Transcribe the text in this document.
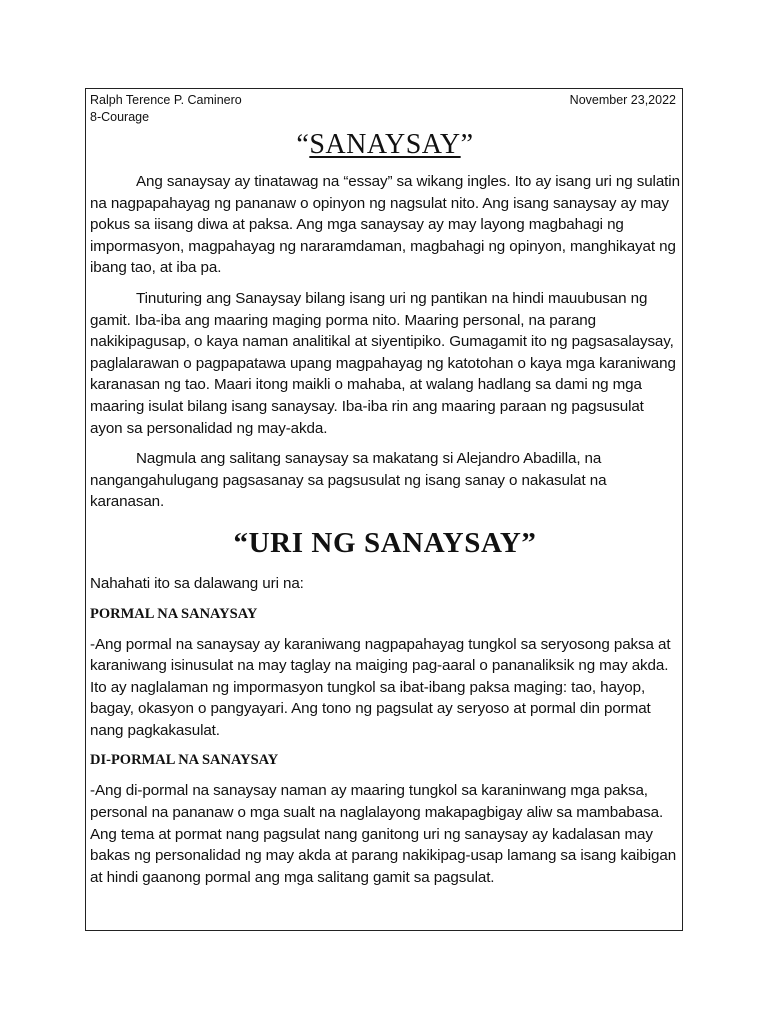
Ralph Terence P. Caminero	November 23,2022
8-Courage
“SANAYSAY”

Ang sanaysay ay tinatawag na “essay” sa wikang ingles. Ito ay isang uri ng sulatin na nagpapahayag ng pananaw o opinyon ng nagsulat nito. Ang isang sanaysay ay may pokus sa iisang diwa at paksa. Ang mga sanaysay ay may layong magbahagi ng impormasyon, magpahayag ng nararamdaman, magbahagi ng opinyon, manghikayat ng ibang tao, at iba pa.

Tinuturing ang Sanaysay bilang isang uri ng pantikan na hindi mauubusan ng gamit. Iba-iba ang maaring maging porma nito. Maaring personal, na parang nakikipagusap, o kaya naman analitikal at siyentipiko. Gumagamit ito ng pagsasalaysay, paglalarawan o pagpapatawa upang magpahayag ng katotohan o kaya mga karaniwang karanasan ng tao. Maari itong maikli o mahaba, at walang hadlang sa dami ng mga maaring isulat bilang isang sanaysay. Iba-iba rin ang maaring paraan ng pagsusulat ayon sa personalidad ng may-akda.

Nagmula ang salitang sanaysay sa makatang si Alejandro Abadilla, na nangangahulugang pagsasanay sa pagsusulat ng isang sanay o nakasulat na karanasan.

“URI NG SANAYSAY”

Nahahati ito sa dalawang uri na:

PORMAL NA SANAYSAY

-Ang pormal na sanaysay ay karaniwang nagpapahayag tungkol sa seryosong paksa at karaniwang isinusulat na may taglay na maiging pag-aaral o pananaliksik ng may akda. Ito ay naglalaman ng impormasyon tungkol sa ibat-ibang paksa maging: tao, hayop, bagay, okasyon o pangyayari. Ang tono ng pagsulat ay seryoso at pormal din pormat nang pagkakasulat.

DI-PORMAL NA SANAYSAY

-Ang di-pormal na sanaysay naman ay maaring tungkol sa karaninwang mga paksa, personal na pananaw o mga sualt na naglalayong makapagbigay aliw sa mambabasa. Ang tema at pormat nang pagsulat nang ganitong uri ng sanaysay ay kadalasan may bakas ng personalidad ng may akda at parang nakikipag-usap lamang sa isang kaibigan at hindi gaanong pormal ang mga salitang gamit sa pagsulat.
